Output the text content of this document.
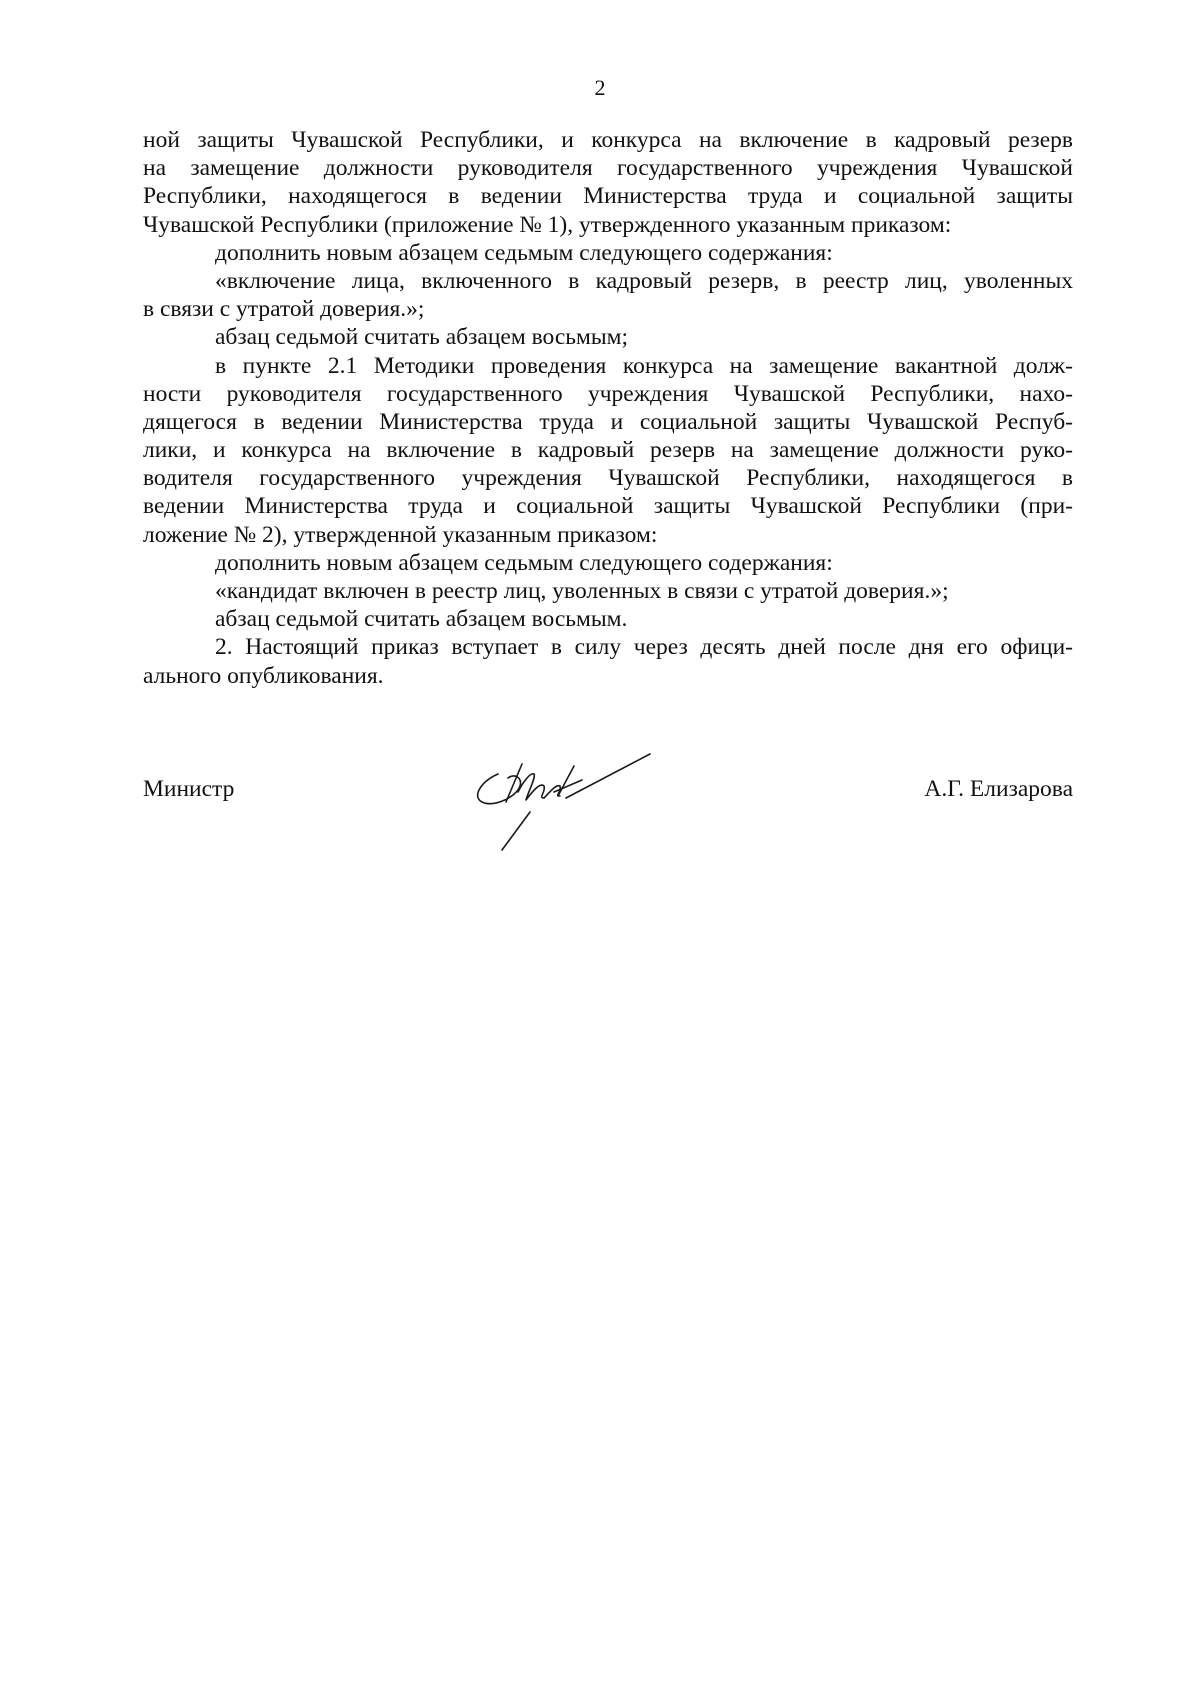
2
ной защиты Чувашской Республики, и конкурса на включение в кадровый резерв
на замещение должности руководителя государственного учреждения Чувашской
Республики, находящегося в ведении Министерства труда и социальной защиты
Чувашской Республики (приложение № 1), утвержденного указанным приказом:
дополнить новым абзацем седьмым следующего содержания:
«включение лица, включенного в кадровый резерв, в реестр лиц, уволенных
в связи с утратой доверия.»;
абзац седьмой считать абзацем восьмым;
в пункте 2.1 Методики проведения конкурса на замещение вакантной долж-
ности руководителя государственного учреждения Чувашской Республики, нахо-
дящегося в ведении Министерства труда и социальной защиты Чувашской Респуб-
лики, и конкурса на включение в кадровый резерв на замещение должности руко-
водителя государственного учреждения Чувашской Республики, находящегося в
ведении Министерства труда и социальной защиты Чувашской Республики (при-
ложение № 2), утвержденной указанным приказом:
дополнить новым абзацем седьмым следующего содержания:
«кандидат включен в реестр лиц, уволенных в связи с утратой доверия.»;
абзац седьмой считать абзацем восьмым.
2. Настоящий приказ вступает в силу через десять дней после дня его офици-
ального опубликования.
Министр	А.Г. Елизарова
